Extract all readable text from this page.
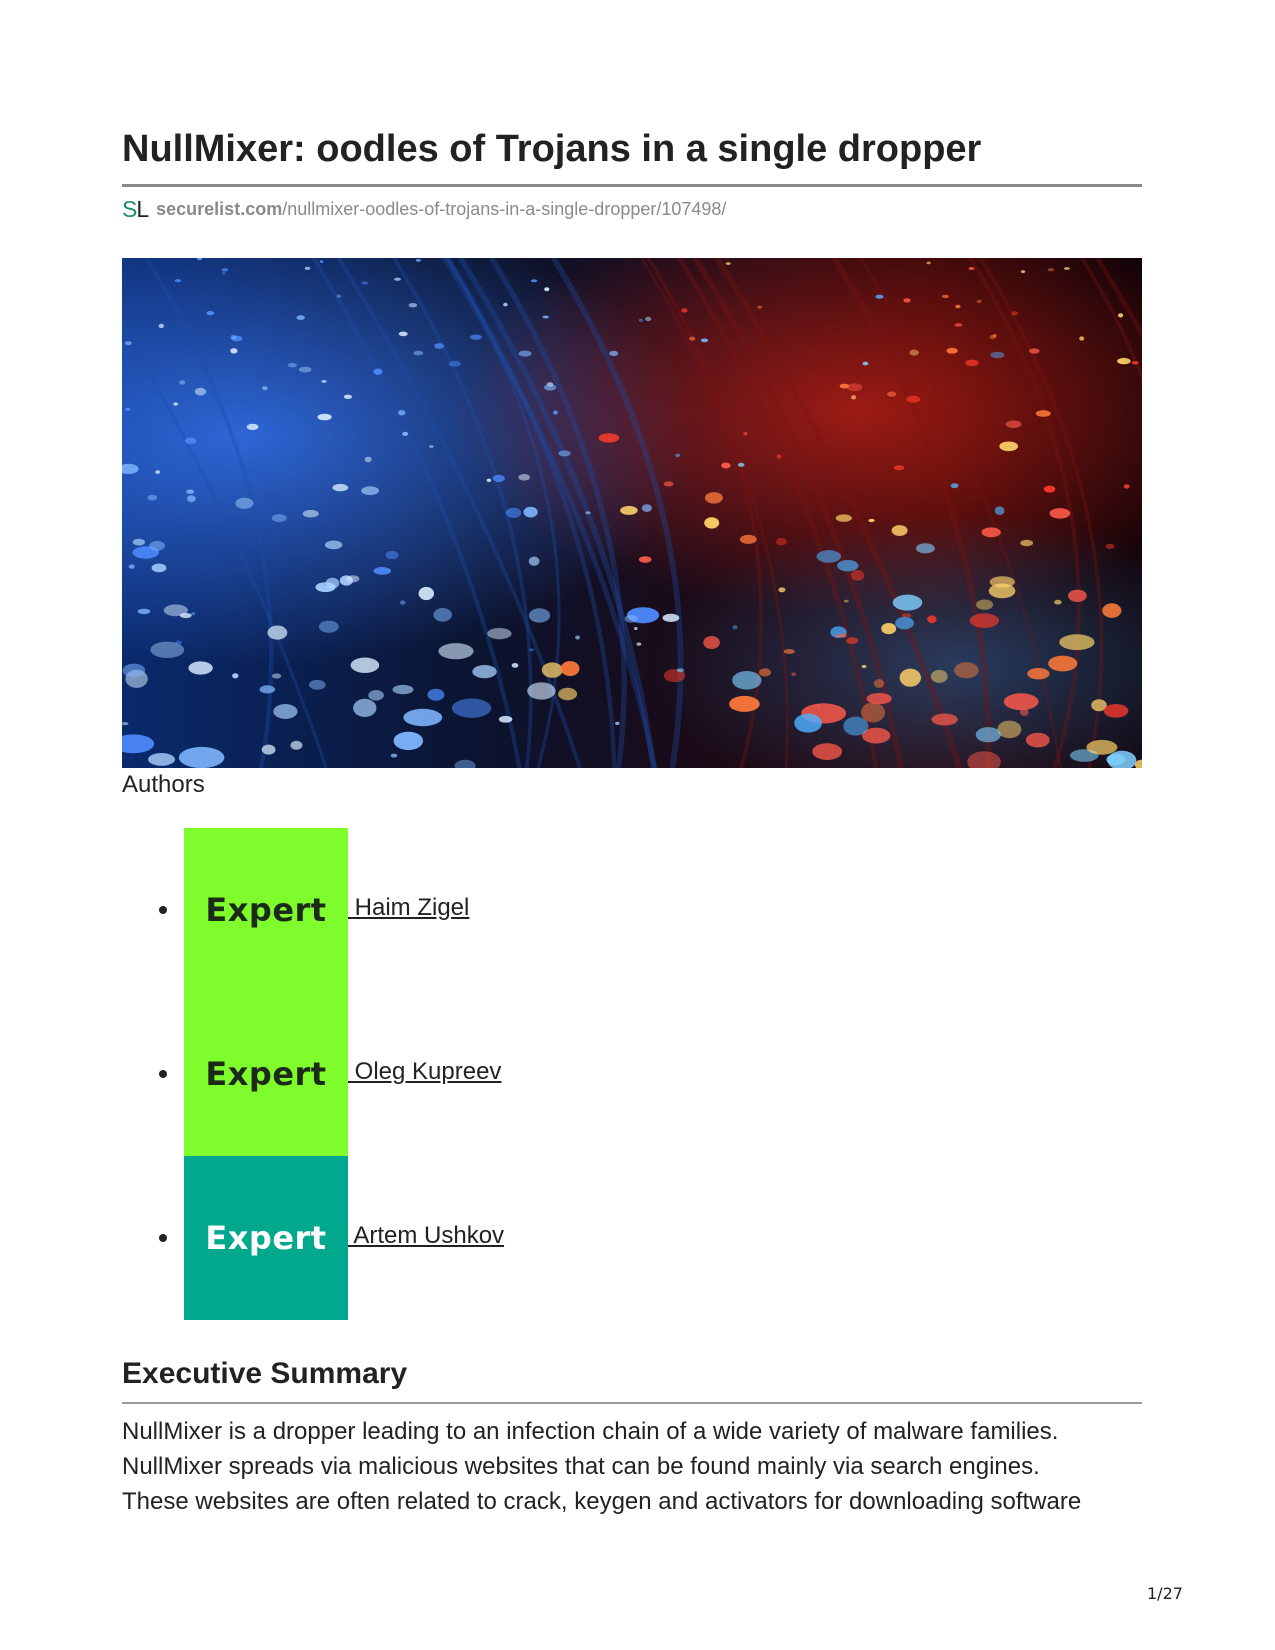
NullMixer: oodles of Trojans in a single dropper
SL securelist.com /nullmixer-oodles-of-trojans-in-a-single-dropper/107498/
Authors
Expert Haim Zigel
Expert Oleg Kupreev
Expert Artem Ushkov
Executive Summary

NullMixer is a dropper leading to an infection chain of a wide variety of malware families.
NullMixer spreads via malicious websites that can be found mainly via search engines.
These websites are often related to crack, keygen and activators for downloading software

1/27
